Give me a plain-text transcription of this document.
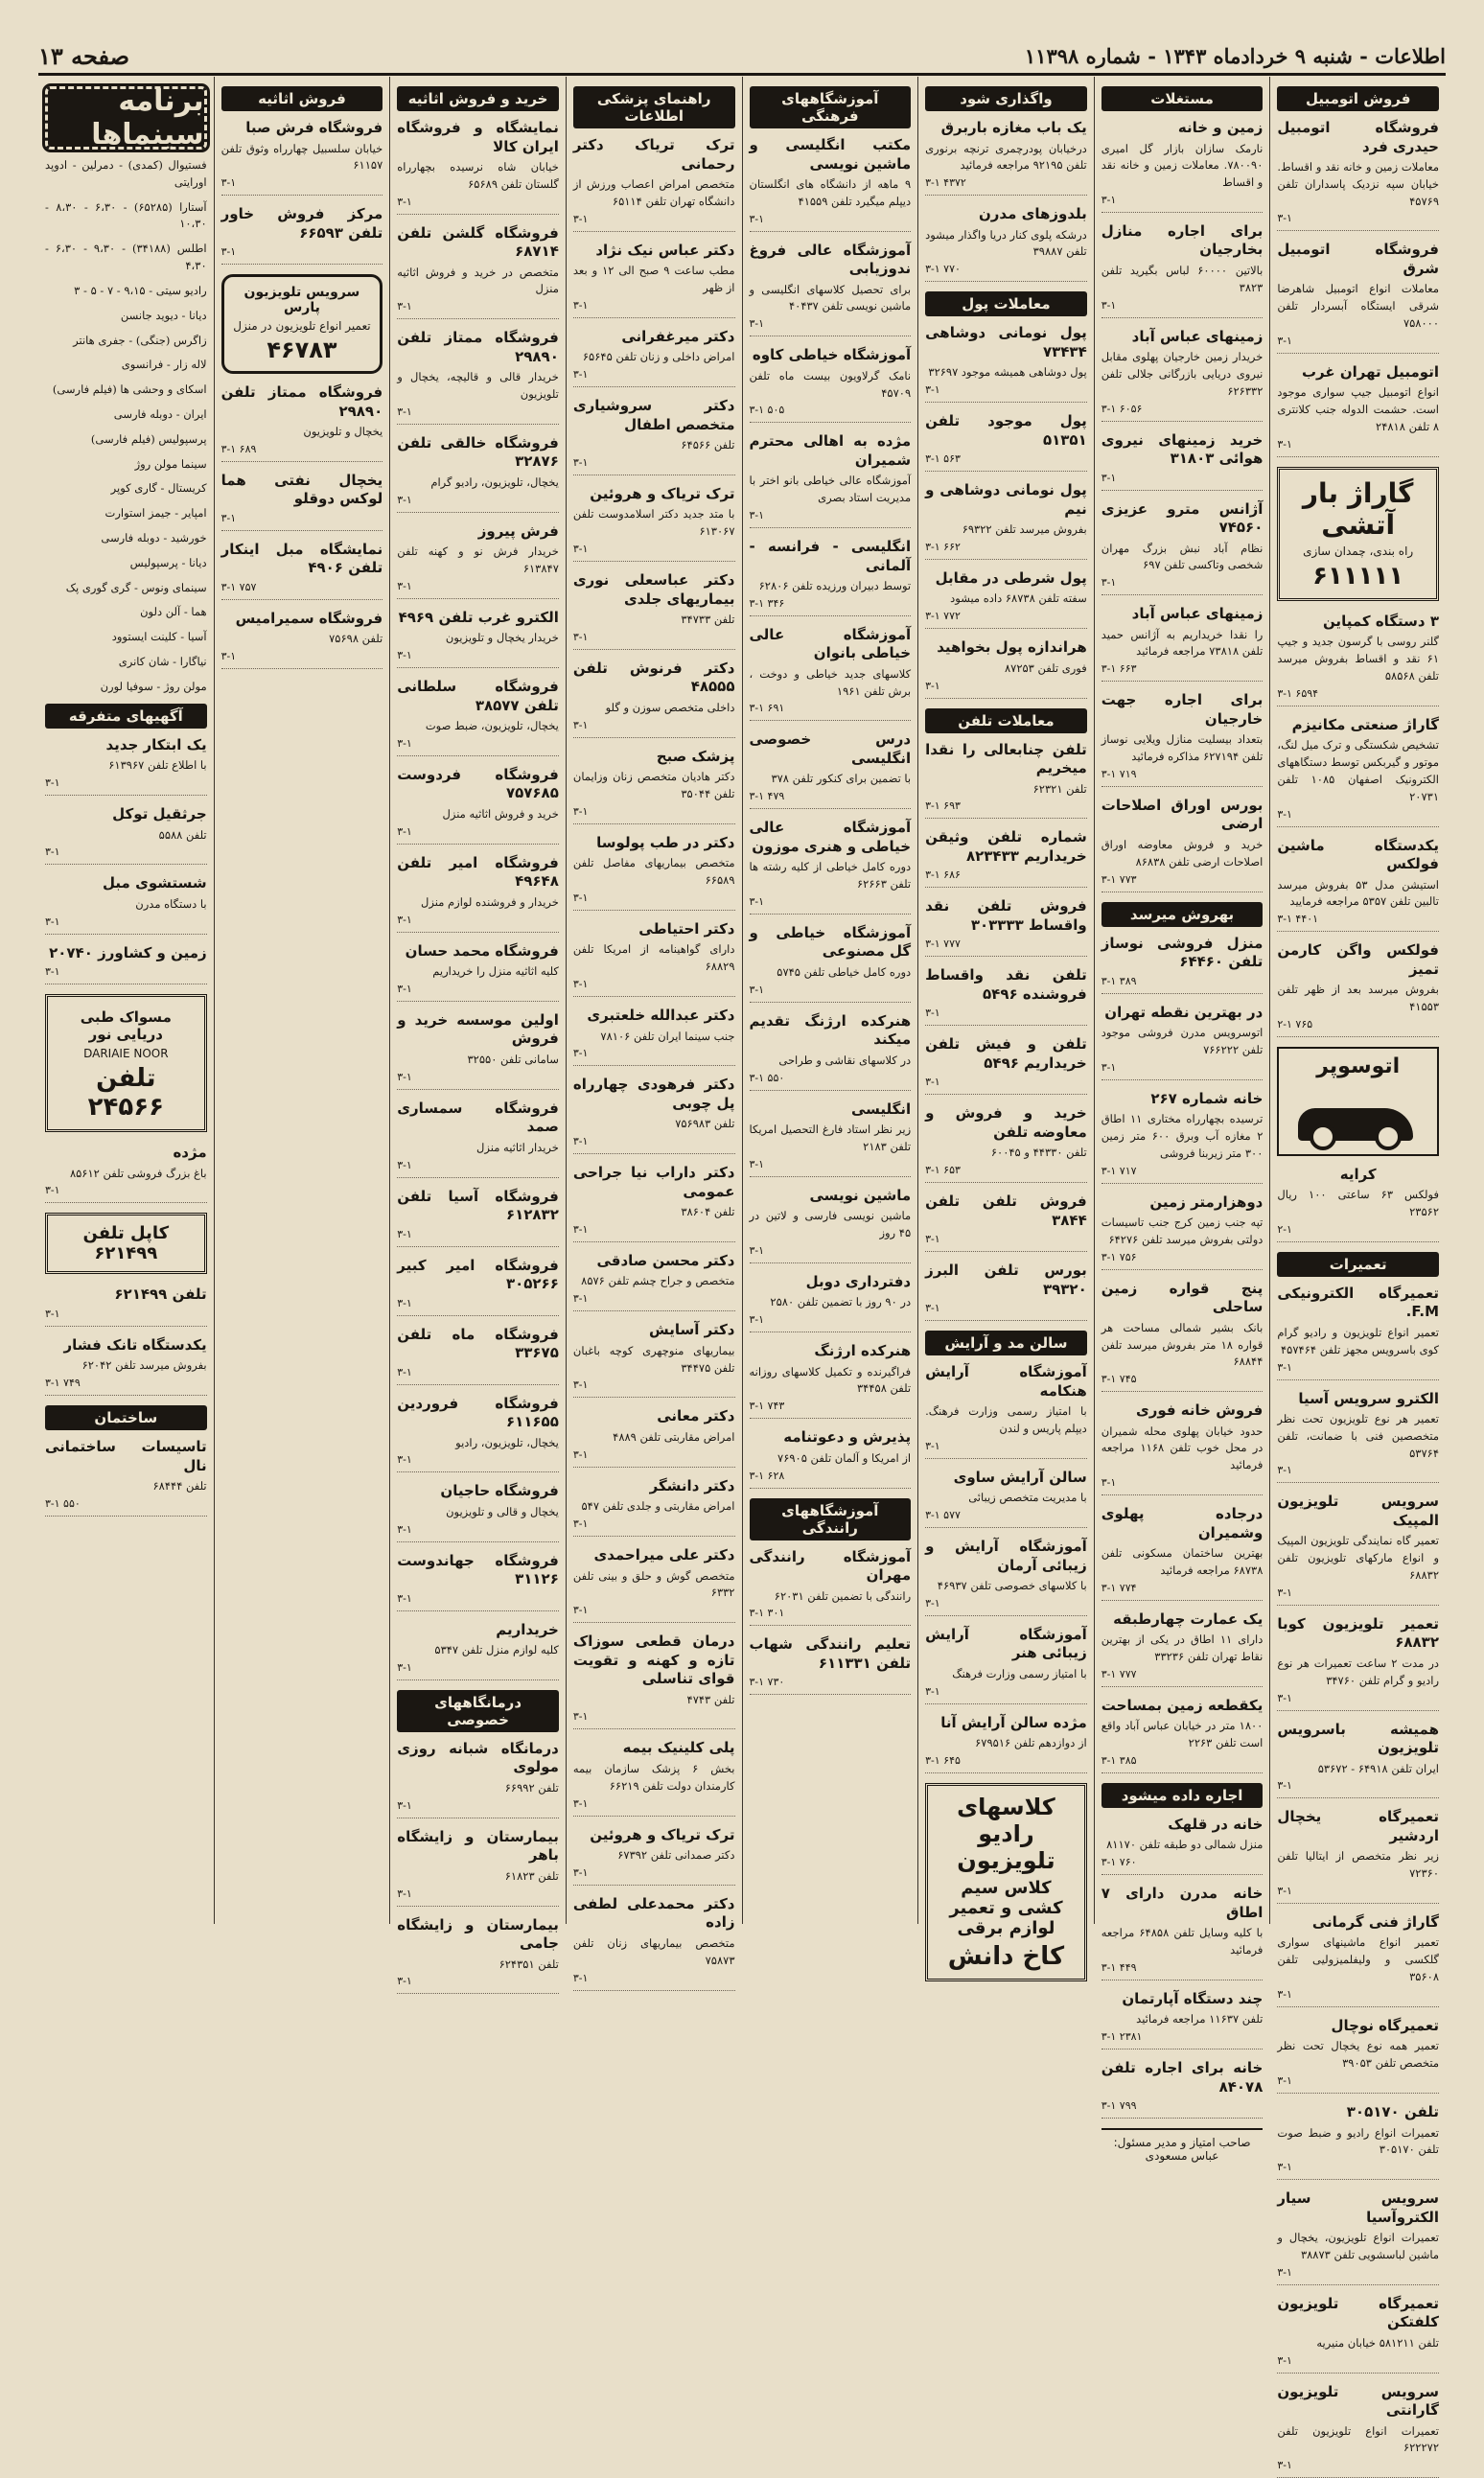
اطلاعات - شنبه ۹ خردادماه ۱۳۴۳ - شماره ۱۱۳۹۸
صفحه ۱۳
فروش اتومبیل
فروشگاه اتومبیل حیدری فرد

معاملات زمین و خانه نقد و اقساط. خیابان سپه نزدیک پاسداران تلفن ۴۵۷۶۹

۳-۱
فروشگاه اتومبیل شرق

معاملات انواع اتومبیل شاهرضا شرقی ایستگاه آبسردار تلفن ۷۵۸۰۰۰

۳-۱
اتومبیل تهران غرب

انواع اتومبیل جیپ سواری موجود است. حشمت الدوله جنب کلانتری ۸ تلفن ۲۴۸۱۸

۳-۱
گاراژ بار آتشی
راه بندی، چمدان سازی
۶۱۱۱۱۱
۳ دستگاه کمپاین

گلنر روسی با گرسون جدید و جیپ ۶۱ نقد و اقساط بفروش میرسد تلفن ۵۸۵۶۸

۳-۱ ۶۵۹۴
گاراژ صنعتی مکانیزم

تشخیص شکستگی و ترک میل لنگ، موتور و گیربکس توسط دستگاههای الکترونیک اصفهان ۱۰۸۵ تلفن ۲۰۷۳۱

۳-۱
یکدستگاه ماشین فولکس

استیشن مدل ۵۳ بفروش میرسد تالبین تلفن ۵۳۵۷ مراجعه فرمایید

۳-۱ ۴۴۰۱
فولکس واگن کارمن تمیز

بفروش میرسد بعد از ظهر تلفن ۴۱۵۵۳

۲-۱ ۷۶۵
اتوسوپر
کرایه

فولکس ۶۳ ساعتی ۱۰۰ ریال ۲۳۵۶۲

۲-۱
تعمیرات
تعمیرگاه الکترونیکی F.M.

تعمیر انواع تلویزیون و رادیو گرام کوی باسرویس مجهز تلفن ۴۵۷۴۶۴

۳-۱
الکترو سرویس آسیا

تعمیر هر نوع تلویزیون تحت نظر متخصصین فنی با ضمانت، تلفن ۵۳۷۶۴

۳-۱
سرویس تلویزیون المپیک

تعمیر گاه نمایندگی تلویزیون المپیک و انواع مارکهای تلویزیون تلفن ۶۸۸۳۲

۳-۱
تعمیر تلویزیون کوبا ۶۸۸۳۲

در مدت ۲ ساعت تعمیرات هر نوع رادیو و گرام تلفن ۳۴۷۶۰

۳-۱
همیشه باسرویس تلویزیون

ایران تلفن ۶۴۹۱۸ - ۵۳۶۷۲

۳-۱
تعمیرگاه یخچال اردشیر

زیر نظر متخصص از ایتالیا تلفن ۷۲۳۶۰

۳-۱
گاراژ فنی گرمانی

تعمیر انواع ماشینهای سواری گلکسی و ولیفلمیزولیی تلفن ۳۵۶۰۸

۳-۱
تعمیرگاه نوچال

تعمیر همه نوع یخچال تحت نظر متخصص تلفن ۳۹۰۵۳

۳-۱
تلفن ۳۰۵۱۷۰

تعمیرات انواع رادیو و ضبط صوت تلفن ۳۰۵۱۷۰

۳-۱
سرویس سیار الکتروآسیا

تعمیرات انواع تلویزیون، یخچال و ماشین لباسشویی تلفن ۳۸۸۷۳

۳-۱
تعمیرگاه تلویزیون کلفتکن

تلفن ۵۸۱۲۱۱ خیابان منیریه

۳-۱
سرویس تلویزیون گارانتی

تعمیرات انواع تلویزیون تلفن ۶۲۲۲۷۲

۳-۱
مستغلات
زمین و خانه

نارمک سازان بازار گل امیری ۷۸۰۰۹۰. معاملات زمین و خانه نقد و اقساط

۳-۱
برای اجاره منازل بخارجیان

بالاتین ۶۰۰۰۰ لباس بگیرید تلفن ۳۸۲۳

۳-۱
زمینهای عباس آباد

خریدار زمین خارجیان پهلوی مقابل نیروی دریایی بازرگانی جلالی تلفن ۶۲۶۳۳۲

۳-۱ ۶۰۵۶
خرید زمینهای نیروی هوائی ۳۱۸۰۳
۳-۱
آژانس مترو عزیزی ۷۴۵۶۰

نظام آباد نبش بزرگ مهران شخصی وتاکسی تلفن ۶۹۷

۳-۱
زمینهای عباس آباد

را نقدا خریداریم به آژانس حمید تلفن ۷۳۸۱۸ مراجعه فرمائید

۳-۱ ۶۶۳
برای اجاره جهت خارجیان

بتعداد بیسلیت منازل ویلایی نوساز تلفن ۶۲۷۱۹۴ مذاکره فرمائید

۳-۱ ۷۱۹
بورس اوراق اصلاحات ارضی

خرید و فروش معاوضه اوراق اصلاحات ارضی تلفن ۸۶۸۳۸

۳-۱ ۷۷۳
بهروش میرسد
منزل فروشی نوساز تلفن ۶۴۴۶۰
۳-۱ ۳۸۹
در بهترین نقطه تهران

اتوسرویس مدرن فروشی موجود تلفن ۷۶۶۲۲۲

۳-۱
خانه شماره ۲۶۷

ترسیده بچهارراه مختاری ۱۱ اطاق ۲ مغازه آب وبرق ۶۰۰ متر زمین ۳۰۰ متر زیربنا فروشی

۳-۱ ۷۱۷
دوهزارمتر زمین

تپه جنب زمین کرج جنب تاسیسات دولتی بفروش میرسد تلفن ۶۴۲۷۶

۳-۱ ۷۵۶
پنج قواره زمین ساحلی

بانک بشیر شمالی مساحت هر قواره ۱۸ متر بفروش میرسد تلفن ۶۸۸۴۴

۳-۱ ۷۴۵
فروش خانه فوری

حدود خیابان پهلوی محله شمیران در محل خوب تلفن ۱۱۶۸ مراجعه فرمائید

۳-۱
درجاده پهلوی وشمیران

بهترین ساختمان مسکونی تلفن ۶۸۷۳۸ مراجعه فرمائید

۳-۱ ۷۷۴
یک عمارت چهارطبقه

دارای ۱۱ اطاق در یکی از بهترین نقاط تهران تلفن ۳۳۲۳۶

۳-۱ ۷۷۷
یکقطعه زمین بمساحت

۱۸۰۰ متر در خیابان عباس آباد واقع است تلفن ۲۲۶۳

۳-۱ ۳۸۵
اجاره داده میشود
خانه در قلهک

منزل شمالی دو طبقه تلفن ۸۱۱۷۰

۳-۱ ۷۶۰
خانه مدرن دارای ۷ اطاق

با کلیه وسایل تلفن ۶۴۸۵۸ مراجعه فرمائید

۳-۱ ۴۴۹
چند دستگاه آپارتمان

تلفن ۱۱۶۳۷ مراجعه فرمائید

۳-۱ ۲۳۸۱
خانه برای اجاره تلفن ۸۴۰۷۸
۳-۱ ۷۹۹
صاحب امتیاز و مدیر مسئول: عباس مسعودی
واگذاری شود
یک باب مغازه باربرق

درخیابان پودرچمری ترنچه برنوری تلفن ۹۲۱۹۵ مراجعه فرمائید

۳-۱ ۴۳۷۲
بلدوزهای مدرن

درشکه پلوی کنار دریا واگذار میشود تلفن ۳۹۸۸۷

۳-۱ ۷۷۰
معاملات پول
پول نومانی دوشاهی ۷۳۴۳۴

پول دوشاهی همیشه موجود ۳۲۶۹۷

۳-۱
پول موجود تلفن ۵۱۳۵۱
۳-۱ ۵۶۳
پول نومانی دوشاهی و نیم

بفروش میرسد تلفن ۶۹۳۲۲

۳-۱ ۶۶۲
پول شرطی در مقابل

سفته تلفن ۶۸۷۳۸ داده میشود

۳-۱ ۷۷۲
هراندازه پول بخواهید

فوری تلفن ۸۷۲۵۳

۳-۱
معاملات تلفن
تلفن چنابعالی را نقدا میخریم

تلفن ۶۲۳۲۱

۳-۱ ۶۹۳
شماره تلفن وثیقن خریداریم ۸۲۳۴۳۳
۳-۱ ۶۸۶
فروش تلفن نقد واقساط ۳۰۳۳۳۳
۳-۱ ۷۷۷
تلفن نقد واقساط فروشنده ۵۴۹۶
۳-۱
تلفن و فیش تلفن خریداریم ۵۴۹۶
۳-۱
خرید و فروش و معاوضه تلفن

تلفن ۴۴۳۳۰ و ۶۰۰۴۵

۳-۱ ۶۵۳
فروش تلفن تلفن ۳۸۴۴
۳-۱
بورس تلفن البرز ۳۹۳۲۰
۳-۱
سالن مد و آرایش
آموزشگاه آرایش هنکامه

با امتیاز رسمی وزارت فرهنگ. دیپلم پاریس و لندن

۳-۱
سالن آرایش ساوی

با مدیریت متخصص زیبائی

۳-۱ ۵۷۷
آموزشگاه آرایش و زیبائی آرمان

با کلاسهای خصوصی تلفن ۴۶۹۳۷

۳-۱
آموزشگاه آرایش زیبائی هنر

با امتیاز رسمی وزارت فرهنگ

۳-۱
مژده سالن آرایش آنا

از دوازدهم تلفن ۶۷۹۵۱۶

۳-۱ ۶۴۵
کلاسهای رادیو تلویزیون
کلاس سیم کشی و تعمیر لوازم برقی
کاخ دانش
آموزشگاههای فرهنگی
مکتب انگلیسی و ماشین نویسی

۹ ماهه از دانشگاه های انگلستان دیپلم میگیرد تلفن ۴۱۵۵۹

۳-۱
آموزشگاه عالی فروغ ندوزیابی

برای تحصیل کلاسهای انگلیسی و ماشین نویسی تلفن ۴۰۴۳۷

۳-۱
آموزشگاه خیاطی کاوه

نامک گرلاویون بیست ماه تلفن ۴۵۷۰۹

۳-۱ ۵۰۵
مژده به اهالی محترم شمیران

آموزشگاه عالی خیاطی بانو اختر با مدیریت استاد بصری

۳-۱
انگلیسی - فرانسه - آلمانی

توسط دبیران ورزیده تلفن ۶۲۸۰۶

۳-۱ ۳۴۶
آموزشگاه عالی خیاطی بانوان

کلاسهای جدید خیاطی و دوخت ، برش تلفن ۱۹۶۱

۳-۱ ۶۹۱
درس خصوصی انگلیسی

با تضمین برای کنکور تلفن ۳۷۸

۳-۱ ۴۷۹
آموزشگاه عالی خیاطی و هنری موزون

دوره کامل خیاطی از کلیه رشته ها تلفن ۶۲۶۶۳

۳-۱
آموزشگاه خیاطی و گل مصنوعی

دوره کامل خیاطی تلفن ۵۷۴۵

۳-۱
هنرکده ارژنگ تقدیم میکند

در کلاسهای نقاشی و طراحی

۳-۱ ۵۵۰
انگلیسی

زیر نظر استاد فارغ التحصیل امریکا تلفن ۲۱۸۳

۳-۱
ماشین نویسی

ماشین نویسی فارسی و لاتین در ۴۵ روز

۳-۱
دفترداری دوبل

در ۹۰ روز با تضمین تلفن ۲۵۸۰

۳-۱
هنرکده ارژنگ

فراگیرنده و تکمیل کلاسهای روزانه تلفن ۳۴۴۵۸

۳-۱ ۷۴۳
پذیرش و دعوتنامه

از امریکا و آلمان تلفن ۷۶۹۰۵

۳-۱ ۶۲۸
آموزشگاههای رانندگی
آموزشگاه رانندگی مهران

رانندگی با تضمین تلفن ۶۲۰۳۱

۳-۱ ۳۰۱
تعلیم رانندگی شهاب تلفن ۶۱۱۳۳۱
۳-۱ ۷۳۰
راهنمای پزشکی اطلاعات
ترک تریاک دکتر رحمانی

متخصص امراض اعصاب ورزش از دانشگاه تهران تلفن ۶۵۱۱۴

۳-۱
دکتر عباس نیک نژاد

مطب ساعت ۹ صبح الی ۱۲ و بعد از ظهر

۳-۱
دکتر میرغفرانی

امراض داخلی و زنان تلفن ۶۵۶۴۵

۳-۱
دکتر سروشیاری متخصص اطفال

تلفن ۶۴۵۶۶

۳-۱
ترک تریاک و هروئین

با متد جدید دکتر اسلامدوست تلفن ۶۱۳۰۶۷

۳-۱
دکتر عباسعلی نوری بیماریهای جلدی

تلفن ۳۴۷۳۳

۳-۱
دکتر فرنوش تلفن ۴۸۵۵۵

داخلی متخصص سوزن و گلو

۳-۱
پزشک صبح

دکتر هادیان متخصص زنان وزایمان تلفن ۳۵۰۴۴

۳-۱
دکتر در طب پولوسا

متخصص بیماریهای مفاصل تلفن ۶۶۵۸۹

۳-۱
دکتر احتیاطی

دارای گواهینامه از امریکا تلفن ۶۸۸۲۹

۳-۱
دکتر عبدالله خلعتبری

جنب سینما ایران تلفن ۷۸۱۰۶

۳-۱
دکتر فرهودی چهارراه پل چوبی

تلفن ۷۵۶۹۸۳

۳-۱
دکتر داراب نیا جراحی عمومی

تلفن ۳۸۶۰۴

۳-۱
دکتر محسن صادقی

متخصص و جراح چشم تلفن ۸۵۷۶

۳-۱
دکتر آسایش

بیماریهای منوچهری کوچه باغبان تلفن ۳۴۴۷۵

۳-۱
دکتر معانی

امراض مقاربتی تلفن ۴۸۸۹

۳-۱
دکتر دانشگر

امراض مقاربتی و جلدی تلفن ۵۴۷

۳-۱
دکتر علی میراحمدی

متخصص گوش و حلق و بینی تلفن ۶۳۳۲

۳-۱
درمان قطعی سوزاک تازه و کهنه و تقویت قوای تناسلی

تلفن ۴۷۴۳

۳-۱
پلی کلینیک بیمه

بخش ۶ پزشک سازمان بیمه کارمندان دولت تلفن ۶۶۲۱۹

۳-۱
ترک تریاک و هروئین

دکتر صمدانی تلفن ۶۷۳۹۲

۳-۱
دکتر محمدعلی لطفی زاده

متخصص بیماریهای زنان تلفن ۷۵۸۷۳

۳-۱
خرید و فروش اثاثیه
نمایشگاه و فروشگاه ایران کالا

خیابان شاه نرسیده بچهارراه گلستان تلفن ۶۵۶۸۹

۳-۱
فروشگاه گلشن تلفن ۶۸۷۱۴

متخصص در خرید و فروش اثاثیه منزل

۳-۱
فروشگاه ممتاز تلفن ۲۹۸۹۰

خریدار قالی و قالیچه، یخچال و تلویزیون

۳-۱
فروشگاه خالقی تلفن ۳۲۸۷۶

یخچال، تلویزیون، رادیو گرام

۳-۱
فرش پیروز

خریدار فرش نو و کهنه تلفن ۶۱۳۸۴۷

۳-۱
الکترو غرب تلفن ۴۹۶۹

خریدار یخچال و تلویزیون

۳-۱
فروشگاه سلطانی تلفن ۳۸۵۷۷

یخچال، تلویزیون، ضبط صوت

۳-۱
فروشگاه فردوست ۷۵۷۶۸۵

خرید و فروش اثاثیه منزل

۳-۱
فروشگاه امیر تلفن ۴۹۶۴۸

خریدار و فروشنده لوازم منزل

۳-۱
فروشگاه محمد حسان

کلیه اثاثیه منزل را خریداریم

۳-۱
اولین موسسه خرید و فروش

سامانی تلفن ۳۲۵۵۰

۳-۱
فروشگاه سمساری صمد

خریدار اثاثیه منزل

۳-۱
فروشگاه آسیا تلفن ۶۱۲۸۳۲
۳-۱
فروشگاه امیر کبیر ۳۰۵۲۶۶
۳-۱
فروشگاه ماه تلفن ۳۳۶۷۵
۳-۱
فروشگاه فروردین ۶۱۱۶۵۵

یخچال، تلویزیون، رادیو

۳-۱
فروشگاه حاجیان

یخچال و قالی و تلویزیون

۳-۱
فروشگاه جهاندوست ۳۱۱۲۶
۳-۱
خریداریم

کلیه لوازم منزل تلفن ۵۳۴۷

۳-۱
درمانگاههای خصوصی
درمانگاه شبانه روزی مولوی

تلفن ۶۶۹۹۲

۳-۱
بیمارستان و زایشگاه باهر

تلفن ۶۱۸۲۳

۳-۱
بیمارستان و زایشگاه جامی

تلفن ۶۲۴۳۵۱

۳-۱
فروش اثاثیه
فروشگاه فرش صبا

خیابان سلسبیل چهارراه وثوق تلفن ۶۱۱۵۷

۳-۱
مرکز فروش خاور تلفن ۶۶۵۹۳
۳-۱
سرویس تلویزیون پارس
تعمیر انواع تلویزیون در منزل
۴۶۷۸۳
فروشگاه ممتاز تلفن ۲۹۸۹۰

یخچال و تلویزیون

۳-۱ ۶۸۹
یخچال نفتی هما لوکس دوقلو
۳-۱
نمایشگاه مبل اینکار تلفن ۴۹۰۶
۳-۱ ۷۵۷
فروشگاه سمیرامیس

تلفن ۷۵۶۹۸

۳-۱
برنامه سینماها
فستیوال (کمدی) - دمرلین - ادوپد اورایتی
آستارا (۶۵۲۸۵) - ۶،۳۰ - ۸،۳۰ - ۱۰،۳۰
اطلس (۳۴۱۸۸) - ۹،۳۰ - ۶،۳۰ - ۴،۳۰
رادیو سیتی - ۹،۱۵ - ۷ - ۵ - ۳
دیانا - دیوید جانسن
زاگرس (جنگی) - جفری هانتر
لاله زار - فرانسوی
اسکای و وحشی ها (فیلم فارسی)
ایران - دوبله فارسی
پرسپولیس (فیلم فارسی)
سینما مولن روژ
کریستال - گاری کوپر
امپایر - جیمز استوارت
خورشید - دوبله فارسی
دیانا - پرسپولیس
سینمای ونوس - گری گوری پک
هما - آلن دلون
آسیا - کلینت ایستوود
نیاگارا - شان کانری
مولن روژ - سوفیا لورن
آگهیهای متفرقه
یک ابتکار جدید

با اطلاع تلفن ۶۱۳۹۶۷

۳-۱
جرثقیل توکل

تلفن ۵۵۸۸

۳-۱
شستشوی مبل

با دستگاه مدرن

۳-۱
زمین و کشاورز ۲۰۷۴۰
۳-۱
مسواک طبی دریایی نور
DARIAIE NOOR
تلفن ۲۴۵۶۶
مژده

باغ بزرگ فروشی تلفن ۸۵۶۱۲

۳-۱
کاپل تلفن ۶۲۱۴۹۹
تلفن ۶۲۱۴۹۹
۳-۱
یکدستگاه تانک فشار

بفروش میرسد تلفن ۶۲۰۴۲

۳-۱ ۷۴۹
ساختمان
تاسیسات ساختمانی نال

تلفن ۶۸۴۴۴

۳-۱ ۵۵۰
